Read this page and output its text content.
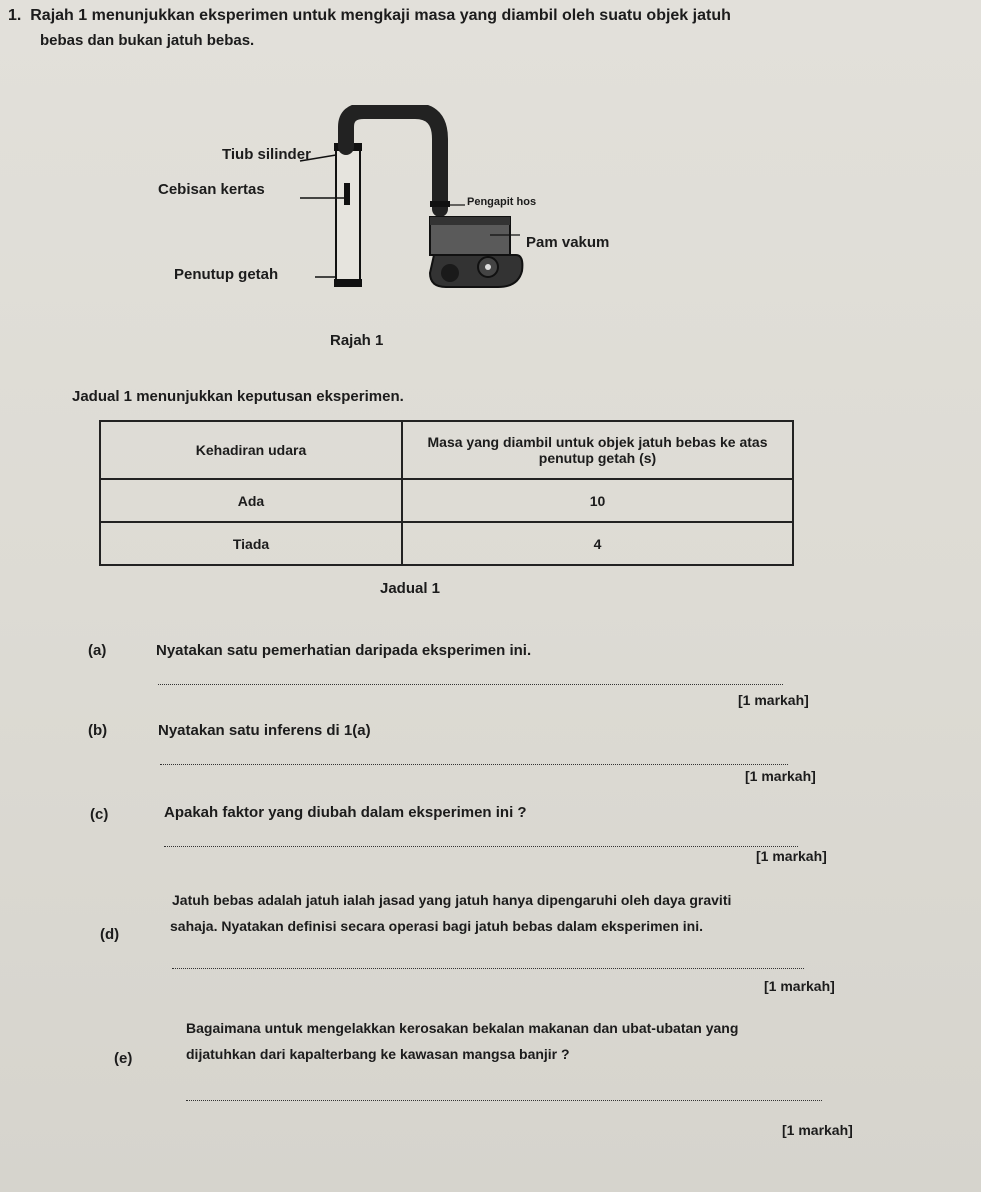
1. Rajah 1 menunjukkan eksperimen untuk mengkaji masa yang diambil oleh suatu objek jatuh
bebas dan bukan jatuh bebas.
Tiub silinder
Cebisan kertas
Penutup getah
Pengapit hos
Pam vakum
Rajah 1
Jadual 1 menunjukkan keputusan eksperimen.
Kehadiran udara	Masa yang diambil untuk objek jatuh bebas ke atas penutup getah (s)
Ada	10
Tiada	4
Jadual 1
(a)	Nyatakan satu pemerhatian daripada eksperimen ini.
[1 markah]
(b)	Nyatakan satu inferens di 1(a)
[1 markah]
(c)	Apakah faktor yang diubah dalam eksperimen ini ?
[1 markah]
(d)
Jatuh bebas adalah jatuh ialah jasad yang jatuh hanya dipengaruhi oleh daya graviti
sahaja. Nyatakan definisi secara operasi bagi jatuh bebas dalam eksperimen ini.
[1 markah]
(e)
Bagaimana untuk mengelakkan kerosakan bekalan makanan dan ubat-ubatan yang
dijatuhkan dari kapalterbang ke kawasan mangsa banjir ?
[1 markah]
